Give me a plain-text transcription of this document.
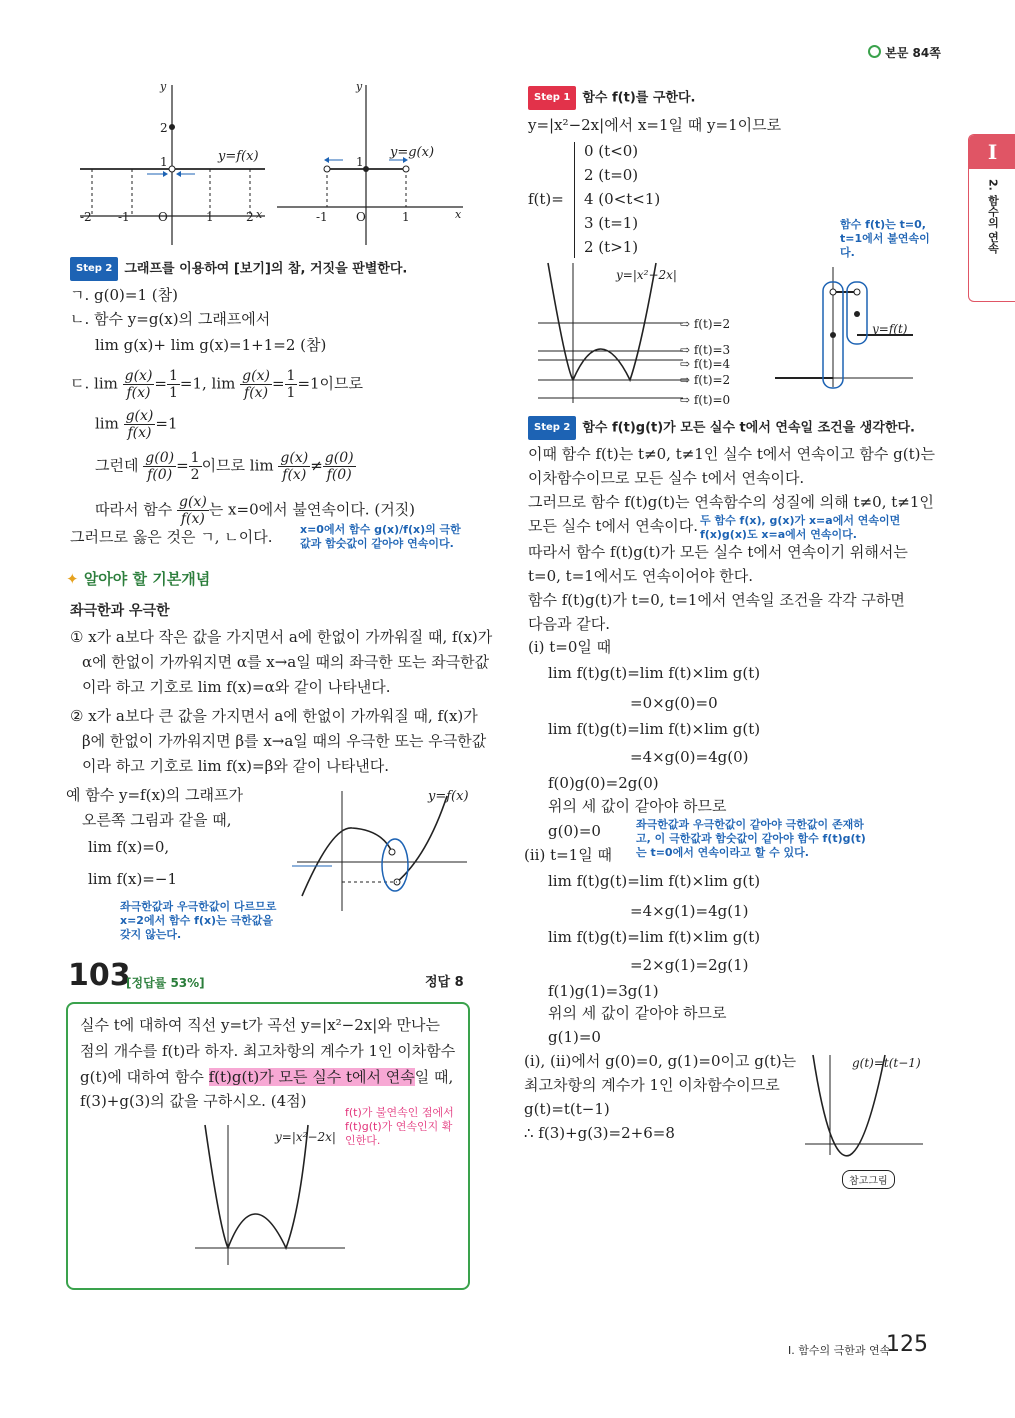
본문 84쪽
I
2. 함수의 연속
y=f(x)
y
2
1
-2 -1 O	1	2 x
y=g(x)
y
1
-1 O	1	x
Step 2 그래프를 이용하여 [보기]의 참, 거짓을 판별한다.
ㄱ. g(0)=1 (참)
ㄴ. 함수 y=g(x)의 그래프에서
lim g(x)+ lim g(x)=1+1=2 (참)
ㄷ. $\lim \frac{g(x)}{f(x)} = \frac{1}{1} =1$, $\lim \frac{g(x)}{f(x)} = \frac{1}{1} =1$이므로
$\lim \frac{g(x)}{f(x)} =1$
그런데 $\frac{g(0)}{f(0)} = \frac{1}{2}$ 이므로 $\lim \frac{g(x)}{f(x)} \ne \frac{g(0)}{f(0)}$
따라서 함수 $\frac{g(x)}{f(x)}$ 는 x=0에서 불연속이다. (거짓)
그러므로 옳은 것은 ㄱ, ㄴ이다.	x=0에서 함수 g(x)/f(x)의 극한값과 함숫값이 같아야 연속이다.
✦ 알아야 할 기본개념
좌극한과 우극한
① x가 a보다 작은 값을 가지면서 a에 한없이 가까워질 때, f(x)가
α에 한없이 가까워지면 α를 x→a일 때의 좌극한 또는 좌극한값
이라 하고 기호로 lim f(x)=α와 같이 나타낸다.
② x가 a보다 큰 값을 가지면서 a에 한없이 가까워질 때, f(x)가
β에 한없이 가까워지면 β를 x→a일 때의 우극한 또는 우극한값
이라 하고 기호로 lim f(x)=β와 같이 나타낸다.
예 함수 y=f(x)의 그래프가
오른쪽 그림과 같을 때,
lim f(x)=0,
lim f(x)=−1
좌극한값과 우극한값이 다르므로 x=2에서 함수 f(x)는 극한값을 갖지 않는다.
y=f(x)
103
[정답률 53%]	정답 8
실수 t에 대하여 직선 y=t가 곡선 y=|x²−2x|와 만나는
점의 개수를 f(t)라 하자. 최고차항의 계수가 1인 이차함수
g(t)에 대하여 함수 f(t)g(t)가 모든 실수 t에서 연속일 때,
f(3)+g(3)의 값을 구하시오. (4점)
f(t)가 불연속인 점에서 f(t)g(t)가 연속인지 확인한다.
y=|x²−2x|
Step 1 함수 f(t)를 구한다.
y=|x²−2x|에서 x=1일 때 y=1이므로
f(t)=
0 (t<0)
2 (t=0)
4 (0<t<1)
3 (t=1)
2 (t>1)
y=|x²−2x|
⇨ f(t)=2
⇨ f(t)=3
⇨ f(t)=4
⇨ f(t)=2
⇨ f(t)=0
y=f(t)
함수 f(t)는 t=0, t=1에서 불연속이다.
Step 2 함수 f(t)g(t)가 모든 실수 t에서 연속일 조건을 생각한다.
이때 함수 f(t)는 t≠0, t≠1인 실수 t에서 연속이고 함수 g(t)는
이차함수이므로 모든 실수 t에서 연속이다.
그러므로 함수 f(t)g(t)는 연속함수의 성질에 의해 t≠0, t≠1인
모든 실수 t에서 연속이다. 두 함수 f(x), g(x)가 x=a에서 연속이면 f(x)g(x)도 x=a에서 연속이다.
따라서 함수 f(t)g(t)가 모든 실수 t에서 연속이기 위해서는
t=0, t=1에서도 연속이어야 한다.
함수 f(t)g(t)가 t=0, t=1에서 연속일 조건을 각각 구하면
다음과 같다.
(i) t=0일 때
lim f(t)g(t)=lim f(t)×lim g(t)
=0×g(0)=0
lim f(t)g(t)=lim f(t)×lim g(t)
=4×g(0)=4g(0)
f(0)g(0)=2g(0)
위의 세 값이 같아야 하므로
g(0)=0	좌극한값과 우극한값이 같아야 극한값이 존재하고, 이 극한값과 함숫값이 같아야 함수 f(t)g(t)는 t=0에서 연속이라고 할 수 있다.
(ii) t=1일 때
lim f(t)g(t)=lim f(t)×lim g(t)
=4×g(1)=4g(1)
lim f(t)g(t)=lim f(t)×lim g(t)
=2×g(1)=2g(1)
f(1)g(1)=3g(1)
위의 세 값이 같아야 하므로
g(1)=0
(i), (ii)에서 g(0)=0, g(1)=0이고 g(t)는
최고차항의 계수가 1인 이차함수이므로
g(t)=t(t−1)
∴ f(3)+g(3)=2+6=8
g(t)=t(t−1)
참고그림
I. 함수의 극한과 연속
125
